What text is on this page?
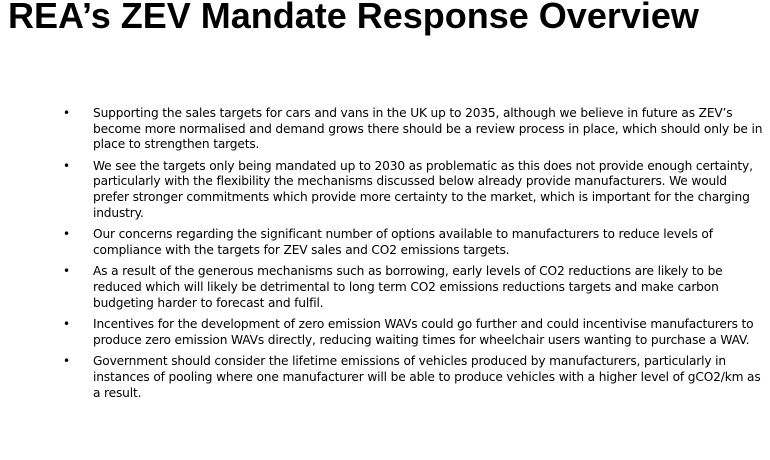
REA’s ZEV Mandate Response Overview
• Supporting the sales targets for cars and vans in the UK up to 2035, although we believe in future as ZEV’s become more normalised and demand grows there should be a review process in place, which should only be in place to strengthen targets.
• We see the targets only being mandated up to 2030 as problematic as this does not provide enough certainty, particularly with the flexibility the mechanisms discussed below already provide manufacturers. We would prefer stronger commitments which provide more certainty to the market, which is important for the charging industry.
• Our concerns regarding the significant number of options available to manufacturers to reduce levels of compliance with the targets for ZEV sales and CO2 emissions targets.
• As a result of the generous mechanisms such as borrowing, early levels of CO2 reductions are likely to be reduced which will likely be detrimental to long term CO2 emissions reductions targets and make carbon budgeting harder to forecast and fulfil.
• Incentives for the development of zero emission WAVs could go further and could incentivise manufacturers to produce zero emission WAVs directly, reducing waiting times for wheelchair users wanting to purchase a WAV.
• Government should consider the lifetime emissions of vehicles produced by manufacturers, particularly in instances of pooling where one manufacturer will be able to produce vehicles with a higher level of gCO2/km as a result.
